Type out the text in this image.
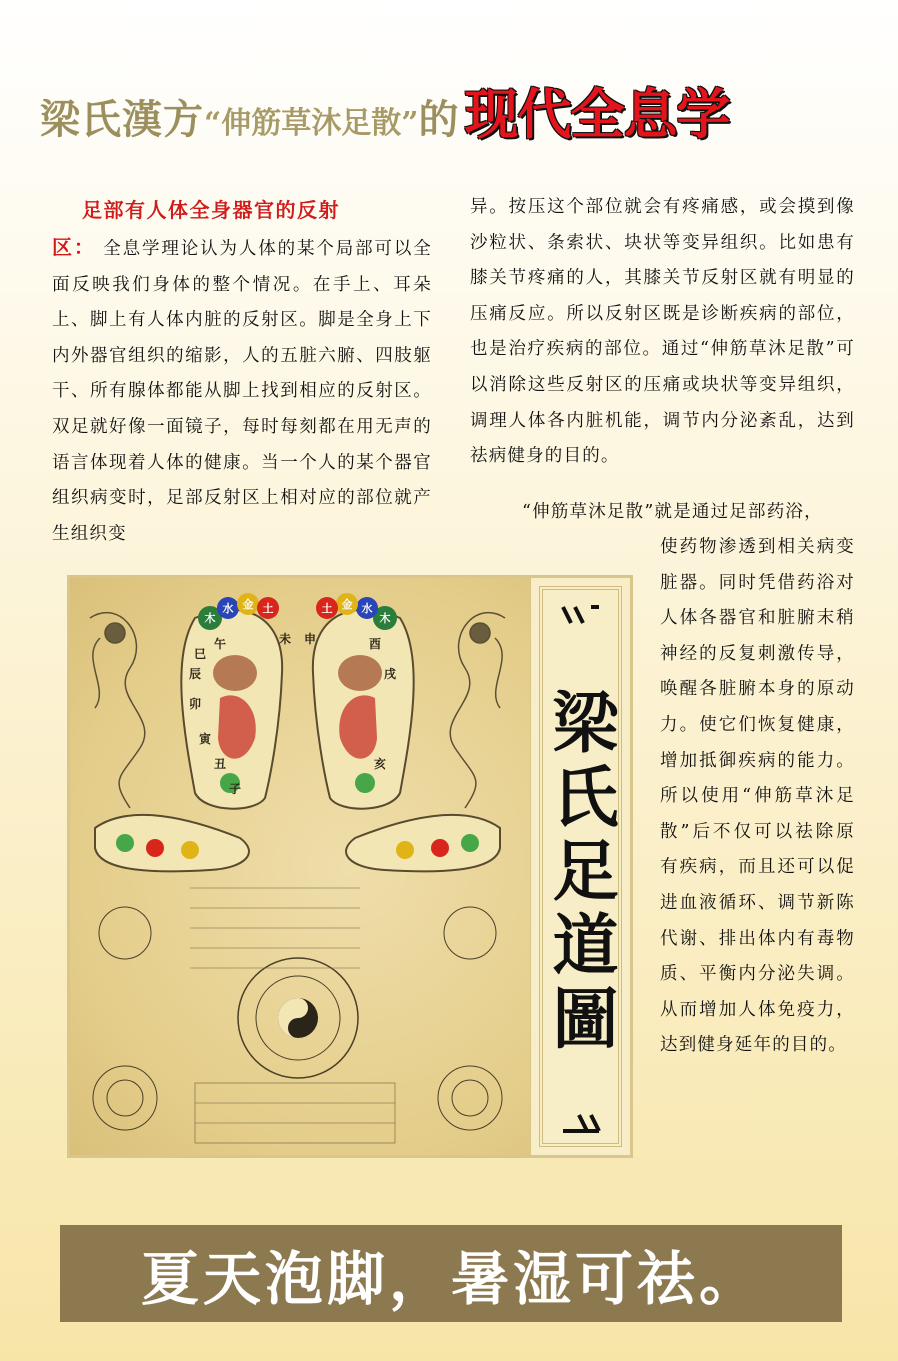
梁氏漢方“伸筋草沐足散”的 现代全息学
足部有人体全身器官的反射
区： 全息学理论认为人体的某个局部可以全面反映我们身体的整个情况。在手上、耳朵上、脚上有人体内脏的反射区。脚是全身上下内外器官组织的缩影，人的五脏六腑、四肢躯干、所有腺体都能从脚上找到相应的反射区。双足就好像一面镜子，每时每刻都在用无声的语言体现着人体的健康。当一个人的某个器官组织病变时，足部反射区上相对应的部位就产生组织变
异。按压这个部位就会有疼痛感，或会摸到像沙粒状、条索状、块状等变异组织。比如患有膝关节疼痛的人，其膝关节反射区就有明显的压痛反应。所以反射区既是诊断疾病的部位，也是治疗疾病的部位。通过“伸筋草沐足散”可以消除这些反射区的压痛或块状等变异组织，调理人体各内脏机能，调节内分泌紊乱，达到祛病健身的目的。
“伸筋草沐足散”就是通过足部药浴，
使药物渗透到相关病变脏器。同时凭借药浴对人体各器官和脏腑末稍神经的反复刺激传导，唤醒各脏腑本身的原动力。使它们恢复健康，增加抵御疾病的能力。所以使用“伸筋草沐足散”后不仅可以祛除原有疾病，而且还可以促进血液循环、调节新陈代谢、排出体内有毒物质、平衡内分泌失调。从而增加人体免疫力，达到健身延年的目的。
木
水 金 土	土 金 水
木
午	未 申	酉
戌
卯
辰
巳
寅
丑
子
亥 梁氏足道圖
夏天泡脚，暑湿可祛。
